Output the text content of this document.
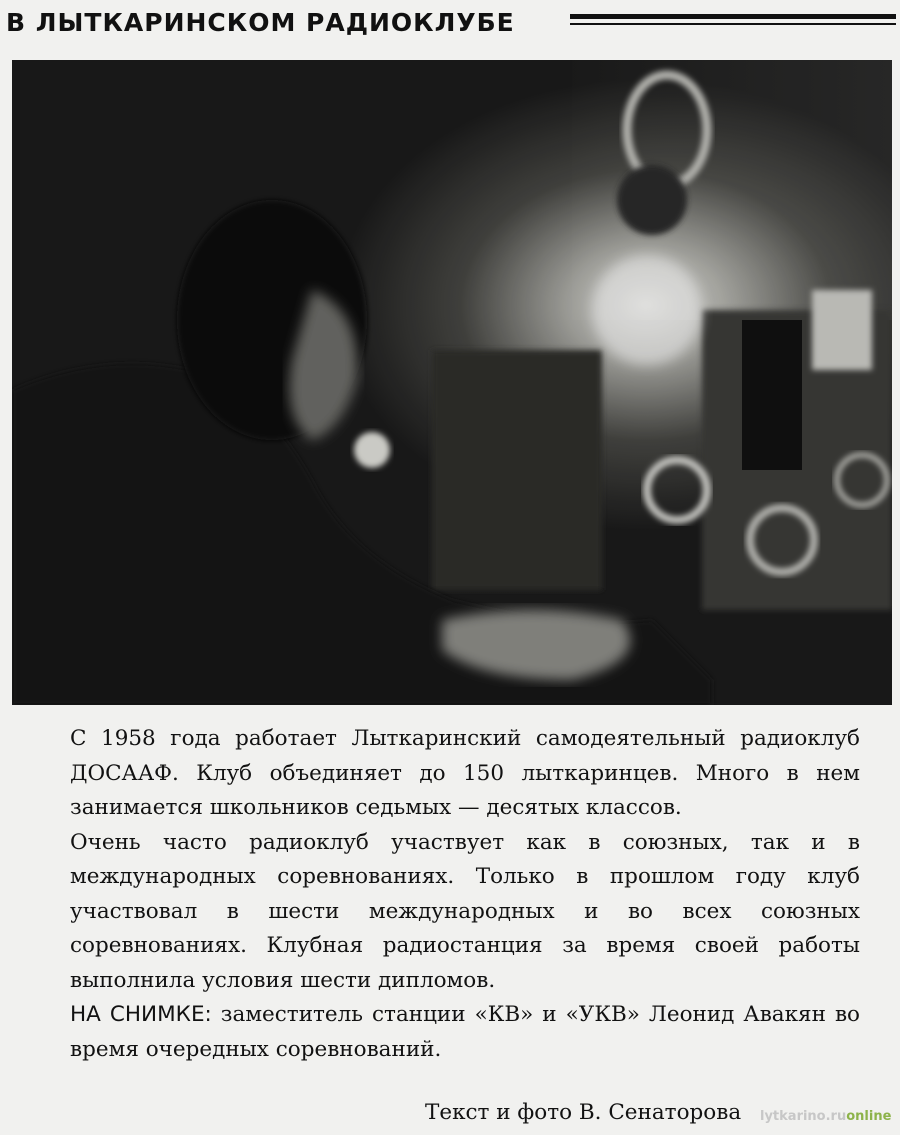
В ЛЫТКАРИНСКОМ РАДИОКЛУБЕ

С 1958 года работает Лыткаринский самодеятельный радиоклуб ДОСААФ. Клуб объединяет до 150 лыткаринцев. Много в нем занимается школьников седьмых — десятых классов.

Очень часто радиоклуб участвует как в союзных, так и в международных соревнованиях. Только в прошлом году клуб участвовал в шести международных и во всех союзных соревнованиях. Клубная радиостанция за время своей работы выполнила условия шести дипломов.

НА СНИМКЕ: заместитель станции «КВ» и «УКВ» Леонид Авакян во время очередных соревнований.

Текст и фото В. Сенаторова lytkarino.ruonline
